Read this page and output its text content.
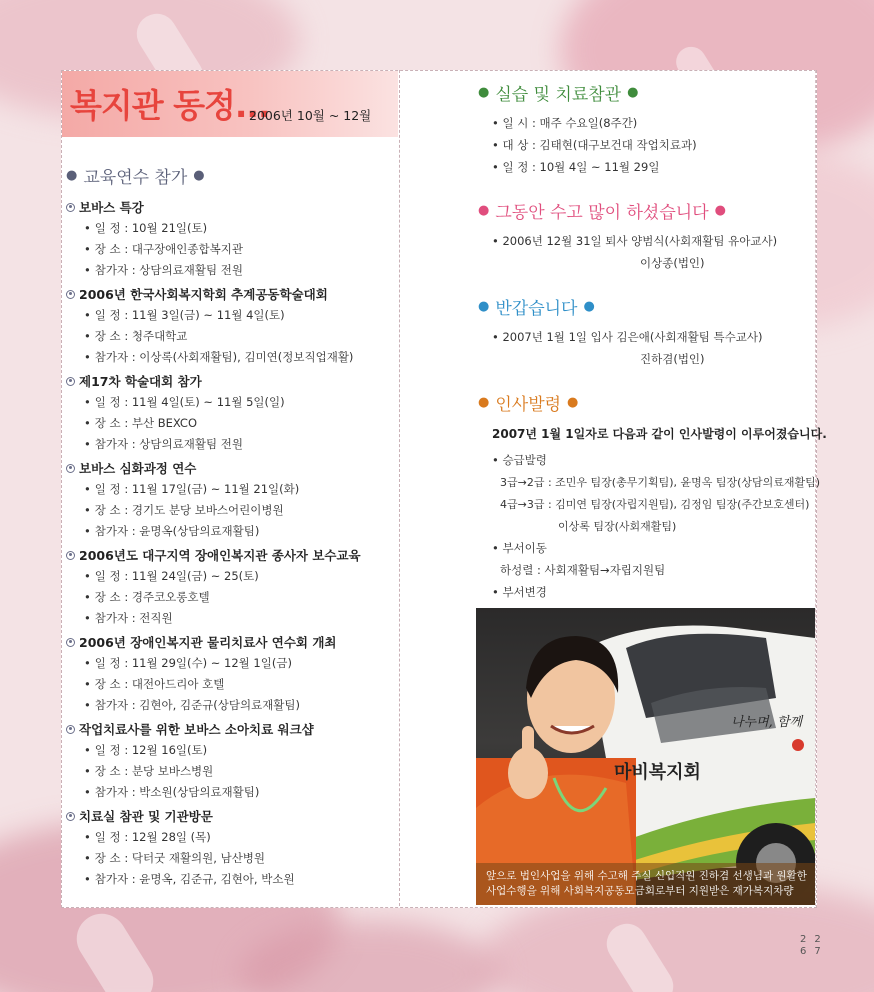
복지관 동정...
2006년 10월 ~ 12월
● 교육연수 참가 ●
보바스 특강
• 일 정 : 10월 21일(토)
• 장 소 : 대구장애인종합복지관
• 참가자 : 상담의료재활팀 전원
2006년 한국사회복지학회 추계공동학술대회
• 일 정 : 11월 3일(금) ~ 11월 4일(토)
• 장 소 : 청주대학교
• 참가자 : 이상록(사회재활팀), 김미연(정보직업재활)
제17차 학술대회 참가
• 일 정 : 11월 4일(토) ~ 11월 5일(일)
• 장 소 : 부산 BEXCO
• 참가자 : 상담의료재활팀 전원
보바스 심화과정 연수
• 일 정 : 11월 17일(금) ~ 11월 21일(화)
• 장 소 : 경기도 분당 보바스어린이병원
• 참가자 : 윤명옥(상담의료재활팀)
2006년도 대구지역 장애인복지관 종사자 보수교육
• 일 정 : 11월 24일(금) ~ 25(토)
• 장 소 : 경주코오롱호텔
• 참가자 : 전직원
2006년 장애인복지관 물리치료사 연수회 개최
• 일 정 : 11월 29일(수) ~ 12월 1일(금)
• 장 소 : 대전아드리아 호텔
• 참가자 : 김현아, 김준규(상담의료재활팀)
작업치료사를 위한 보바스 소아치료 워크샵
• 일 정 : 12월 16일(토)
• 장 소 : 분당 보바스병원
• 참가자 : 박소원(상담의료재활팀)
치료실 참관 및 기관방문
• 일 정 : 12월 28일 (목)
• 장 소 : 닥터굿 재활의원, 남산병원
• 참가자 : 윤명옥, 김준규, 김현아, 박소원
● 실습 및 치료참관 ●
• 일 시 : 매주 수요일(8주간)
• 대 상 : 김태현(대구보건대 작업치료과)
• 일 정 : 10월 4일 ~ 11월 29일
● 그동안 수고 많이 하셨습니다 ●
• 2006년 12월 31일 퇴사 양범식(사회재활팀 유아교사)
이상종(법인)
● 반갑습니다 ●
• 2007년 1월 1일 입사 김은애(사회재활팀 특수교사)
진하겸(법인)
● 인사발령 ●
2007년 1월 1일자로 다음과 같이 인사발령이 이루어졌습니다.
• 승급발령
3급→2급 : 조민우 팀장(총무기획팀), 윤명옥 팀장(상담의료재활팀)
4급→3급 : 김미연 팀장(자립지원팀), 김정임 팀장(주간보호센터)
이상록 팀장(사회재활팀)
• 부서이동
하성렬 : 사회재활팀→자립지원팀
• 부서변경
마비복지회
나누며, 함께
앞으로 법인사업을 위해 수고해 주실 신입직원 진하겸 선생님과 원활한 사업수행을 위해 사회복지공동모금회로부터 지원받은 재가복지차량
2 2
6 7
